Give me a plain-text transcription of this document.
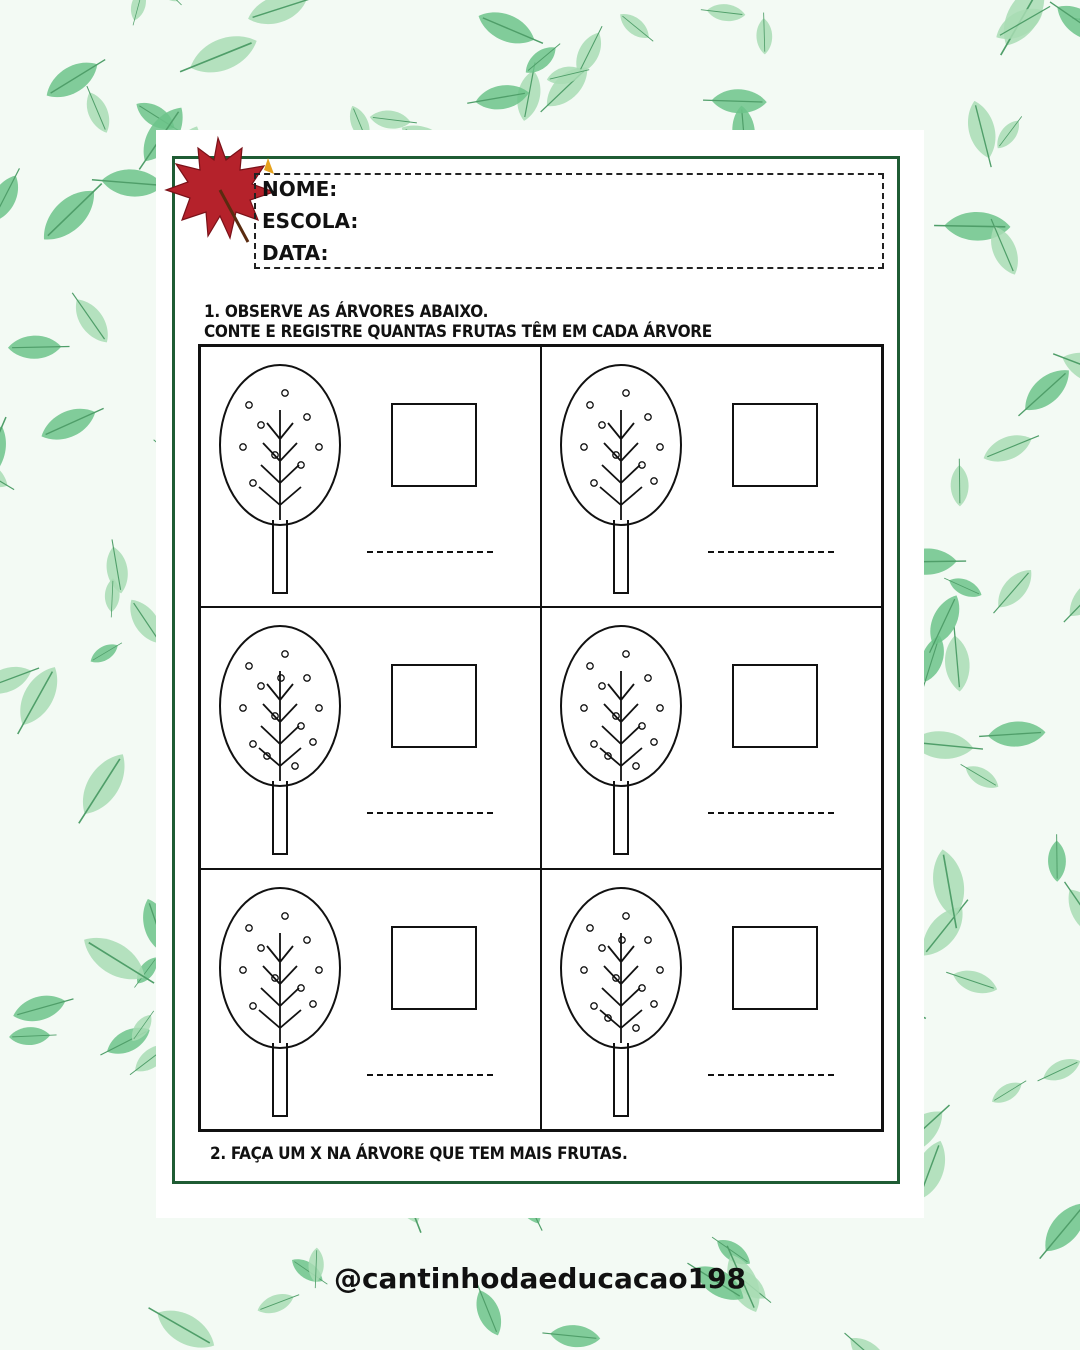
NOME:

ESCOLA:

DATA:

1. OBSERVE AS ÁRVORES ABAIXO.

CONTE E REGISTRE QUANTAS FRUTAS TÊM EM CADA ÁRVORE

2. FAÇA UM X NA ÁRVORE QUE TEM MAIS FRUTAS.

@cantinhodaeducacao198
